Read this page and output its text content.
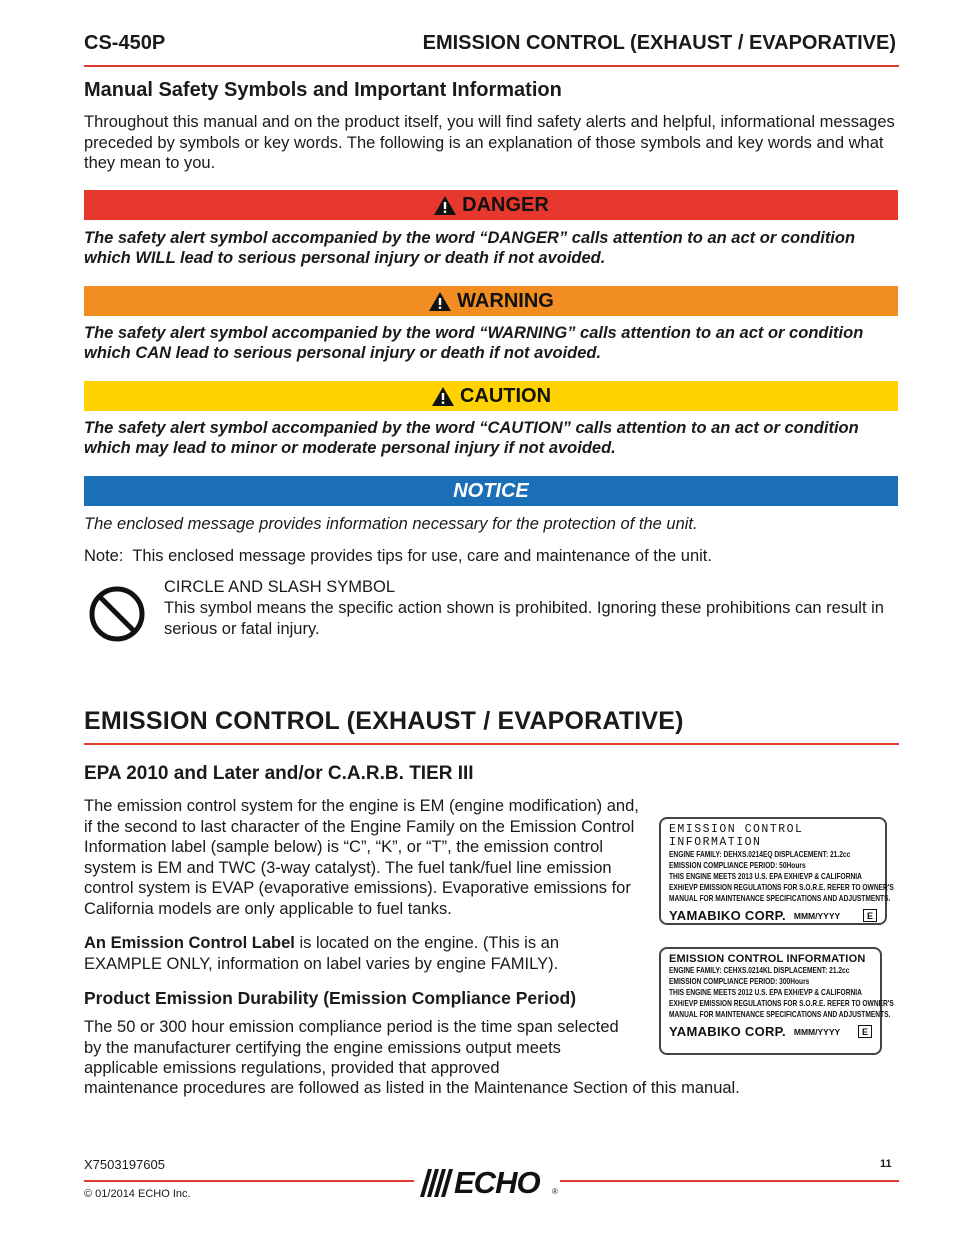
CS-450P	EMISSION CONTROL (EXHAUST / EVAPORATIVE)
Manual Safety Symbols and Important Information
Throughout this manual and on the product itself, you will find safety alerts and helpful, informational messages preceded by symbols or key words. The following is an explanation of those symbols and key words and what they mean to you.
DANGER
The safety alert symbol accompanied by the word “DANGER” calls attention to an act or condition
which WILL lead to serious personal injury or death if not avoided.
WARNING
The safety alert symbol accompanied by the word “WARNING” calls attention to an act or condition
which CAN lead to serious personal injury or death if not avoided.
CAUTION
The safety alert symbol accompanied by the word “CAUTION” calls attention to an act or condition
which may lead to minor or moderate personal injury if not avoided.
NOTICE
The enclosed message provides information necessary for the protection of the unit.
Note:  This enclosed message provides tips for use, care and maintenance of the unit.
CIRCLE AND SLASH SYMBOL
This symbol means the specific action shown is prohibited. Ignoring these prohibitions can result in serious or fatal injury.
EMISSION CONTROL (EXHAUST / EVAPORATIVE)
EPA 2010 and Later and/or C.A.R.B. TIER III
The emission control system for the engine is EM (engine modification) and, if the second to last character of the Engine Family on the Emission Control Information label (sample below) is “C”, “K”, or “T”, the emission control system is EM and TWC (3-way catalyst). The fuel tank/fuel line emission control system is EVAP (evaporative emissions). Evaporative emissions for California models are only applicable to fuel tanks.
An Emission Control Label is located on the engine. (This is an EXAMPLE ONLY, information on label varies by engine FAMILY).
Product Emission Durability (Emission Compliance Period)
The 50 or 300 hour emission compliance period is the time span selected by the manufacturer certifying the engine emissions output meets applicable emissions regulations, provided that approved
maintenance procedures are followed as listed in the Maintenance Section of this manual.
EMISSION CONTROL INFORMATION
ENGINE FAMILY: DEHXS.0214EQ DISPLACEMENT: 21.2cc
EMISSION COMPLIANCE PERIOD: 50Hours
THIS ENGINE MEETS 2013 U.S. EPA EXH/EVP & CALIFORNIA
EXH/EVP EMISSION REGULATIONS FOR S.O.R.E. REFER TO OWNER'S
MANUAL FOR MAINTENANCE SPECIFICATIONS AND ADJUSTMENTS.
YAMABIKO CORP. MMM/YYYY	E
EMISSION CONTROL INFORMATION
ENGINE FAMILY: CEHXS.0214KL DISPLACEMENT: 21.2cc
EMISSION COMPLIANCE PERIOD: 300Hours
THIS ENGINE MEETS 2012 U.S. EPA EXH/EVP & CALIFORNIA
EXH/EVP EMISSION REGULATIONS FOR S.O.R.E. REFER TO OWNER'S
MANUAL FOR MAINTENANCE SPECIFICATIONS AND ADJUSTMENTS.
YAMABIKO CORP. MMM/YYYY	E
X7503197605
© 01/2014 ECHO Inc.
11
ECHO ®
